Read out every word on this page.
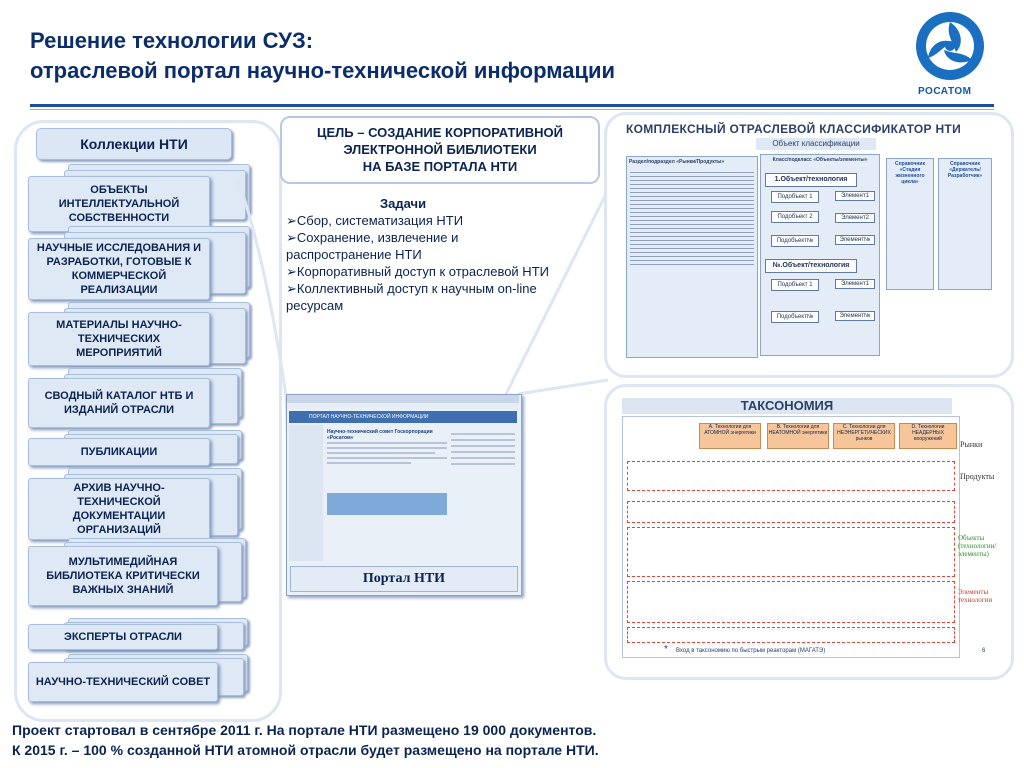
Решение технологии СУЗ:
отраслевой портал научно-технической информации
РОСАТОМ
Коллекции НТИ
ОБЪЕКТЫ ИНТЕЛЛЕКТУАЛЬНОЙ СОБСТВЕННОСТИ
НАУЧНЫЕ ИССЛЕДОВАНИЯ И РАЗРАБОТКИ, ГОТОВЫЕ К КОММЕРЧЕСКОЙ РЕАЛИЗАЦИИ
МАТЕРИАЛЫ НАУЧНО-ТЕХНИЧЕСКИХ МЕРОПРИЯТИЙ
СВОДНЫЙ КАТАЛОГ НТБ И ИЗДАНИЙ ОТРАСЛИ
ПУБЛИКАЦИИ
АРХИВ НАУЧНО-ТЕХНИЧЕСКОЙ ДОКУМЕНТАЦИИ ОРГАНИЗАЦИЙ
МУЛЬТИМЕДИЙНАЯ БИБЛИОТЕКА КРИТИЧЕСКИ ВАЖНЫХ ЗНАНИЙ
ЭКСПЕРТЫ ОТРАСЛИ
НАУЧНО-ТЕХНИЧЕСКИЙ СОВЕТ
ЦЕЛЬ – СОЗДАНИЕ КОРПОРАТИВНОЙ
ЭЛЕКТРОННОЙ БИБЛИОТЕКИ
НА БАЗЕ ПОРТАЛА НТИ
Задачи
➢Сбор, систематизация НТИ
➢Сохранение, извлечение и распространение НТИ
➢Корпоративный доступ к отраслевой НТИ
➢Коллективный доступ к научным on-line ресурсам
ПОРТАЛ НАУЧНО-ТЕХНИЧЕСКОЙ ИНФОРМАЦИИ
Научно-технический совет Госкорпорации «Росатом»
Портал НТИ
КОМПЛЕКСНЫЙ ОТРАСЛЕВОЙ КЛАССИФИКАТОР НТИ
Объект классификации
Раздел/подраздел «Рынки/Продукты»	Класс/подкласс «Объекты/элементы»
1.Объект/технология
Подобъект 1
Подобъект 2
Подобъект№
Элемент1
Элемент2
Элемент№
№.Объект/технология
Подобъект 1
Подобъект№
Элемент1
Элемент№
Справочник «Стадия жизненного цикла»
Справочник «Держатель/ Разработчик»
ТАКСОНОМИЯ
А. Технологии для АТОМНОЙ энергетики
В. Технологии для НЕАТОМНОЙ энергетики
С. Технологии для НЕЭНЕРГЕТИЧЕСКИХ рынков
D. Технологии НЕАДЕРНЫХ вооружений
Рынки
Продукты
Объекты (технологии/элементы)
Элементы технологии
* Вход в таксономию по быстрым реакторам (МАГАТЭ)	6
Проект стартовал в сентябре 2011 г. На портале НТИ размещено 19 000 документов.
К 2015 г. – 100 % созданной НТИ атомной отрасли будет размещено на портале НТИ.
